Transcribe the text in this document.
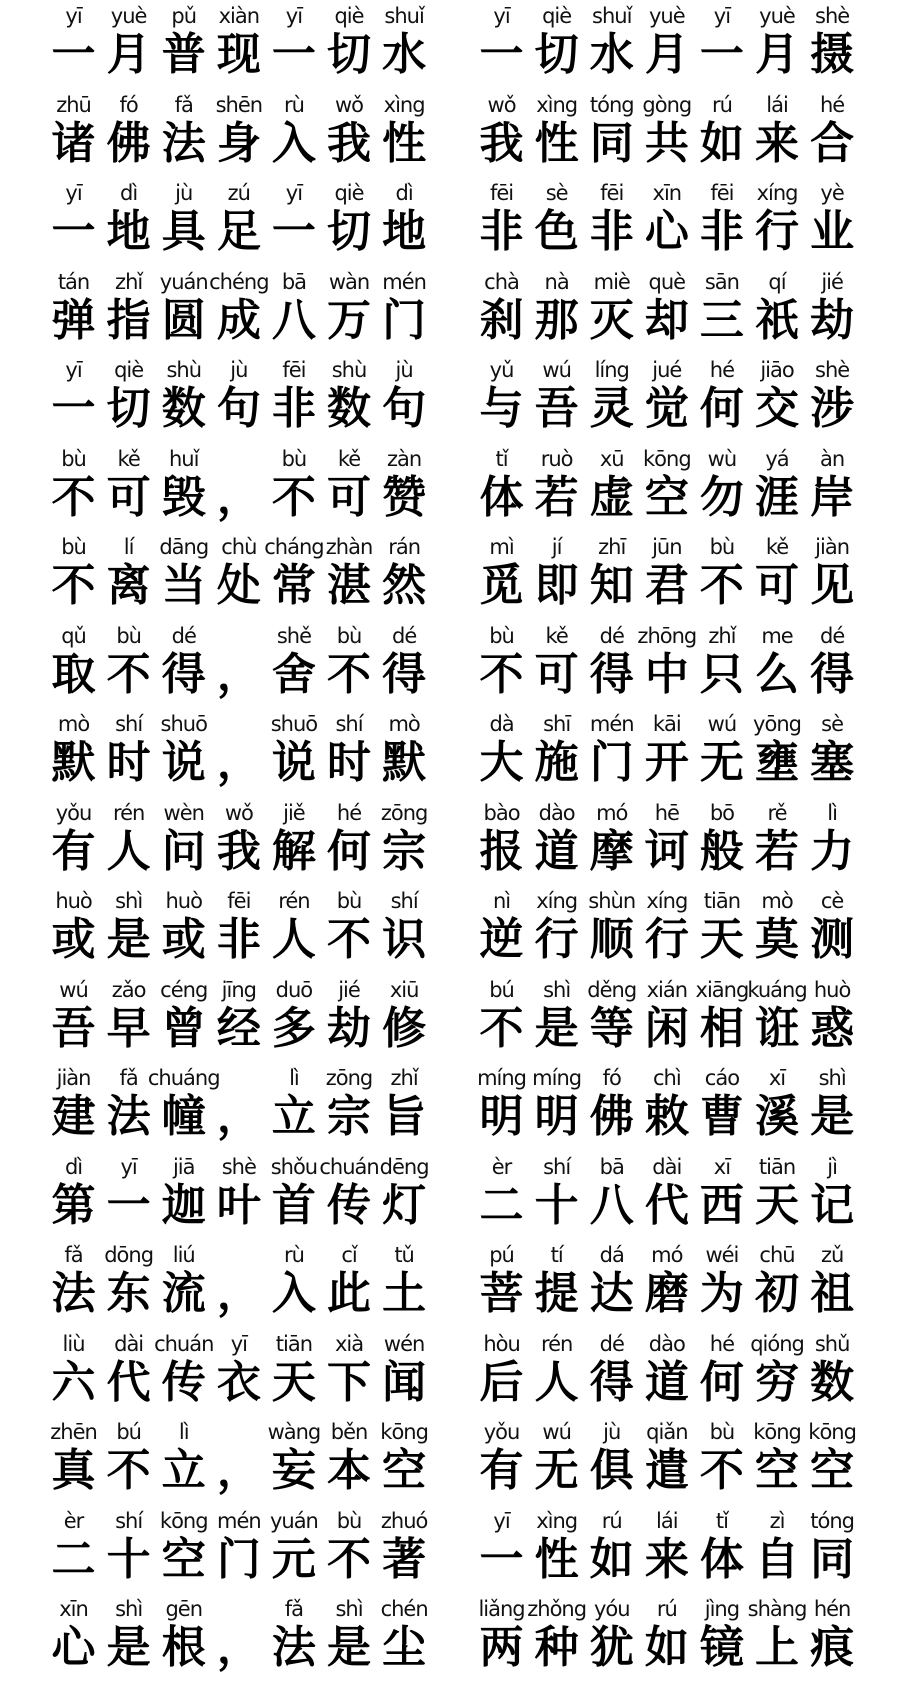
yī
一
yuè
月
pǔ
普
xiàn
现
yī
一
qiè
切
shuǐ
水
zhū
诸
fó
佛
fǎ
法
shēn
身
rù
入
wǒ
我
xìng
性
yī
一
dì
地
jù
具
zú
足
yī
一
qiè
切
dì
地
tán
弹
zhǐ
指
yuán
圆
chéng
成
bā
八
wàn
万
mén
门
yī
一
qiè
切
shù
数
jù
句
fēi
非
shù
数
jù
句
bù
不
kě
可
huǐ
毁 ，
bù
不
kě
可
zàn
赞
bù
不
lí
离
dāng
当
chù
处
cháng
常
zhàn
湛
rán
然
qǔ
取
bù
不
dé
得 ，
shě
舍
bù
不
dé
得
mò
默
shí
时
shuō
说 ，
shuō
说
shí
时
mò
默
yǒu
有
rén
人
wèn
问
wǒ
我
jiě
解
hé
何
zōng
宗
huò
或
shì
是
huò
或
fēi
非
rén
人
bù
不
shí
识
wú
吾
zǎo
早
céng
曾
jīng
经
duō
多
jié
劫
xiū
修
jiàn
建
fǎ
法
chuáng
幢 ，
lì
立
zōng
宗
zhǐ
旨
dì
第
yī
一
jiā
迦
shè
叶
shǒu
首
chuán
传
dēng
灯
fǎ
法
dōng
东
liú
流 ，
rù
入
cǐ
此
tǔ
土
liù
六
dài
代
chuán
传
yī
衣
tiān
天
xià
下
wén
闻
zhēn
真
bú
不
lì
立 ，
wàng
妄
běn
本
kōng
空
èr
二
shí
十
kōng
空
mén
门
yuán
元
bù
不
zhuó
著
xīn
心
shì
是
gēn
根 ，
fǎ
法
shì
是
chén
尘
yī
一
qiè
切
shuǐ
水
yuè
月
yī
一
yuè
月
shè
摄
wǒ
我
xìng
性
tóng
同
gòng
共
rú
如
lái
来
hé
合
fēi
非
sè
色
fēi
非
xīn
心
fēi
非
xíng
行
yè
业
chà
刹
nà
那
miè
灭
què
却
sān
三
qí
祇
jié
劫
yǔ
与
wú
吾
líng
灵
jué
觉
hé
何
jiāo
交
shè
涉
tǐ
体
ruò
若
xū
虚
kōng
空
wù
勿
yá
涯
àn
岸
mì
觅
jí
即
zhī
知
jūn
君
bù
不
kě
可
jiàn
见
bù
不
kě
可
dé
得
zhōng
中
zhǐ
只
me
么
dé
得
dà
大
shī
施
mén
门
kāi
开
wú
无
yōng
壅
sè
塞
bào
报
dào
道
mó
摩
hē
诃
bō
般
rě
若
lì
力
nì
逆
xíng
行
shùn
顺
xíng
行
tiān
天
mò
莫
cè
测
bú
不
shì
是
děng
等
xián
闲
xiāng
相
kuáng
诳
huò
惑
míng
明
míng
明
fó
佛
chì
敕
cáo
曹
xī
溪
shì
是
èr
二
shí
十
bā
八
dài
代
xī
西
tiān
天
jì
记
pú
菩
tí
提
dá
达
mó
磨
wéi
为
chū
初
zǔ
祖
hòu
后
rén
人
dé
得
dào
道
hé
何
qióng
穷
shǔ
数
yǒu
有
wú
无
jù
俱
qiǎn
遣
bù
不
kōng
空
kōng
空
yī
一
xìng
性
rú
如
lái
来
tǐ
体
zì
自
tóng
同
liǎng
两
zhǒng
种
yóu
犹
rú
如
jìng
镜
shàng
上
hén
痕
